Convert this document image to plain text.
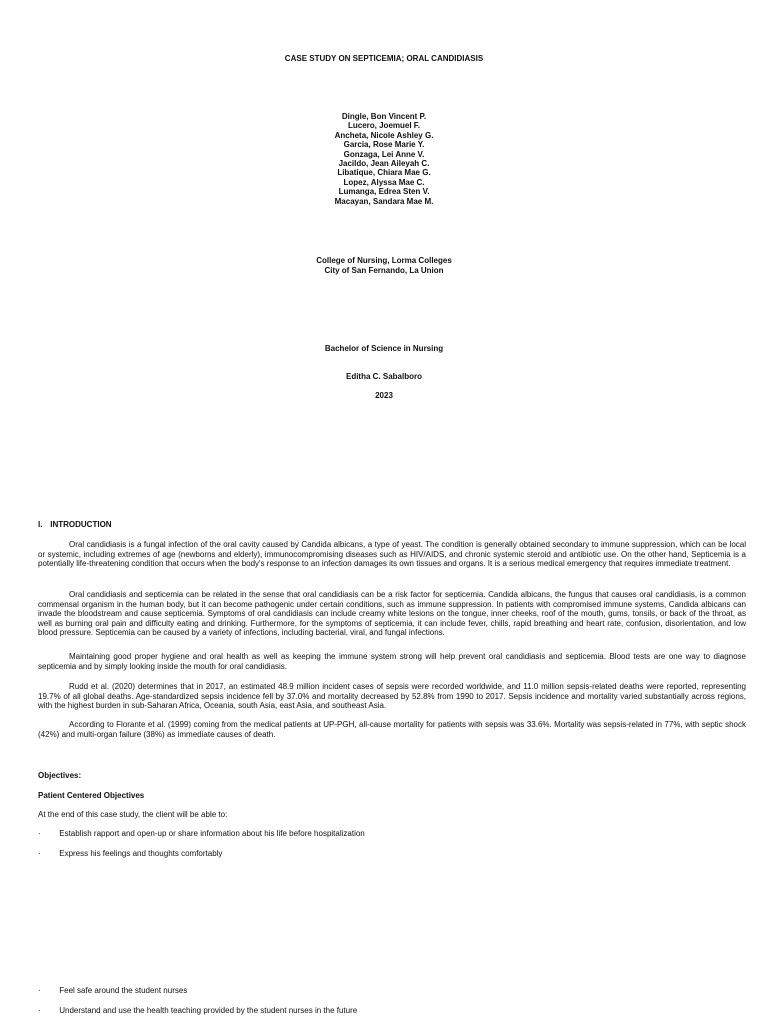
CASE STUDY ON SEPTICEMIA; ORAL CANDIDIASIS
Dingle, Bon Vincent P.
Lucero, Joemuel F.
Ancheta, Nicole Ashley G.
Garcia, Rose Marie Y.
Gonzaga, Lei Anne V.
Jacildo, Jean Aileyah C.
Libatique, Chiara Mae G.
Lopez, Alyssa Mae C.
Lumanga, Edrea Sten V.
Macayan, Sandara Mae M.
College of Nursing, Lorma Colleges
City of San Fernando, La Union
Bachelor of Science in Nursing
Editha C. Sabalboro
2023
I. INTRODUCTION
Oral candidiasis is a fungal infection of the oral cavity caused by Candida albicans, a type of yeast. The condition is generally obtained secondary to immune suppression, which can be local or systemic, including extremes of age (newborns and elderly), immunocompromising diseases such as HIV/AIDS, and chronic systemic steroid and antibiotic use. On the other hand, Septicemia is a potentially life-threatening condition that occurs when the body's response to an infection damages its own tissues and organs. It is a serious medical emergency that requires immediate treatment.
Oral candidiasis and septicemia can be related in the sense that oral candidiasis can be a risk factor for septicemia. Candida albicans, the fungus that causes oral candidiasis, is a common commensal organism in the human body, but it can become pathogenic under certain conditions, such as immune suppression. In patients with compromised immune systems, Candida albicans can invade the bloodstream and cause septicemia. Symptoms of oral candidiasis can include creamy white lesions on the tongue, inner cheeks, roof of the mouth, gums, tonsils, or back of the throat, as well as burning oral pain and difficulty eating and drinking. Furthermore, for the symptoms of septicemia, it can include fever, chills, rapid breathing and heart rate, confusion, disorientation, and low blood pressure. Septicemia can be caused by a variety of infections, including bacterial, viral, and fungal infections.
Maintaining good proper hygiene and oral health as well as keeping the immune system strong will help prevent oral candidiasis and septicemia. Blood tests are one way to diagnose septicemia and by simply looking inside the mouth for oral candidiasis.
Rudd et al. (2020) determines that in 2017, an estimated 48.9 million incident cases of sepsis were recorded worldwide, and 11.0 million sepsis-related deaths were reported, representing 19.7% of all global deaths. Age-standardized sepsis incidence fell by 37.0% and mortality decreased by 52.8% from 1990 to 2017. Sepsis incidence and mortality varied substantially across regions, with the highest burden in sub-Saharan Africa, Oceania, south Asia, east Asia, and southeast Asia.
According to Florante et al. (1999) coming from the medical patients at UP-PGH, all-cause mortality for patients with sepsis was 33.6%. Mortality was sepsis-related in 77%, with septic shock (42%) and multi-organ failure (38%) as immediate causes of death.
Objectives:
Patient Centered Objectives
At the end of this case study, the client will be able to:
· Establish rapport and open-up or share information about his life before hospitalization
· Express his feelings and thoughts comfortably
· Feel safe around the student nurses
· Understand and use the health teaching provided by the student nurses in the future
